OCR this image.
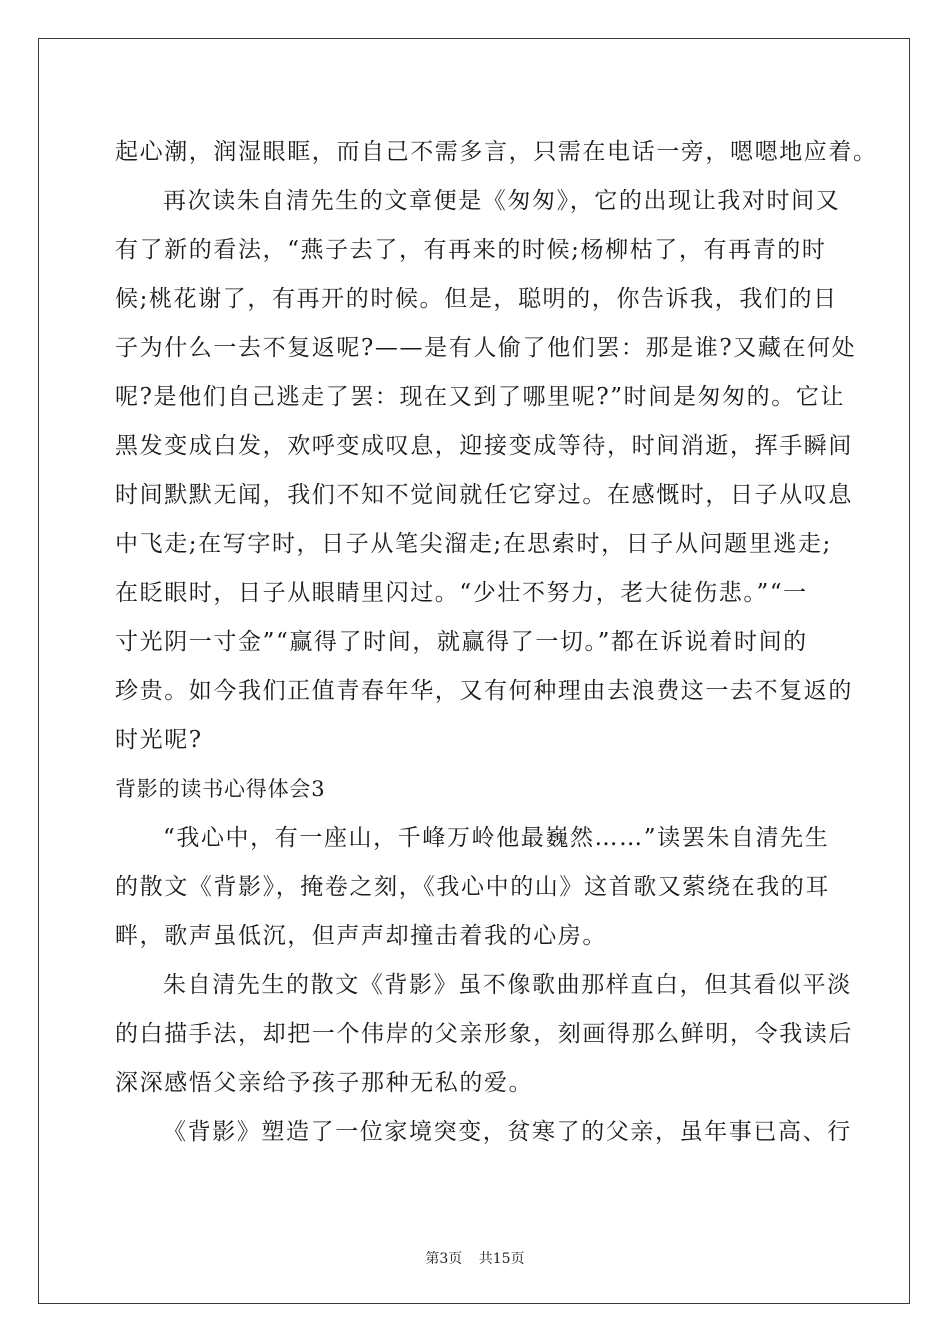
起心潮，润湿眼眶，而自己不需多言，只需在电话一旁，嗯嗯地应着。
再次读朱自清先生的文章便是《匆匆》，它的出现让我对时间又
有了新的看法，“燕子去了，有再来的时候;杨柳枯了，有再青的时
候;桃花谢了，有再开的时候。但是，聪明的，你告诉我，我们的日
子为什么一去不复返呢?——是有人偷了他们罢：那是谁?又藏在何处
呢?是他们自己逃走了罢：现在又到了哪里呢?”时间是匆匆的。它让
黑发变成白发，欢呼变成叹息，迎接变成等待，时间消逝，挥手瞬间
时间默默无闻，我们不知不觉间就任它穿过。在感慨时，日子从叹息
中飞走;在写字时，日子从笔尖溜走;在思索时，日子从问题里逃走;
在眨眼时，日子从眼睛里闪过。“少壮不努力，老大徒伤悲。”“一
寸光阴一寸金”“赢得了时间，就赢得了一切。”都在诉说着时间的
珍贵。如今我们正值青春年华，又有何种理由去浪费这一去不复返的
时光呢?
背影的读书心得体会3
“我心中，有一座山，千峰万岭他最巍然……”读罢朱自清先生
的散文《背影》，掩卷之刻，《我心中的山》这首歌又萦绕在我的耳
畔，歌声虽低沉，但声声却撞击着我的心房。
朱自清先生的散文《背影》虽不像歌曲那样直白，但其看似平淡
的白描手法，却把一个伟岸的父亲形象，刻画得那么鲜明，令我读后
深深感悟父亲给予孩子那种无私的爱。
《背影》塑造了一位家境突变，贫寒了的父亲，虽年事已高、行
第3页 共15页
